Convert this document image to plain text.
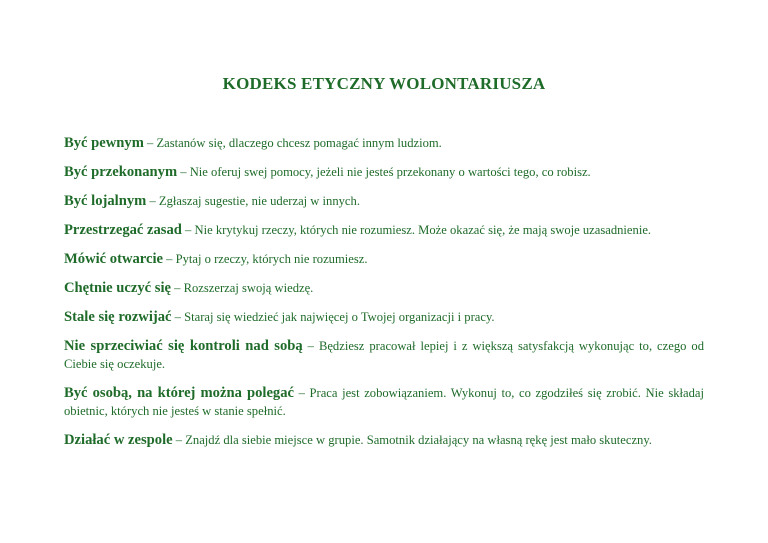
KODEKS ETYCZNY WOLONTARIUSZA

Być pewnym – Zastanów się, dlaczego chcesz pomagać innym ludziom.

Być przekonanym – Nie oferuj swej pomocy, jeżeli nie jesteś przekonany o wartości tego, co robisz.

Być lojalnym – Zgłaszaj sugestie, nie uderzaj w innych.

Przestrzegać zasad – Nie krytykuj rzeczy, których nie rozumiesz. Może okazać się, że mają swoje uzasadnienie.

Mówić otwarcie – Pytaj o rzeczy, których nie rozumiesz.

Chętnie uczyć się – Rozszerzaj swoją wiedzę.

Stale się rozwijać – Staraj się wiedzieć jak najwięcej o Twojej organizacji i pracy.

Nie sprzeciwiać się kontroli nad sobą – Będziesz pracował lepiej i z większą satysfakcją wykonując to, czego od Ciebie się oczekuje.

Być osobą, na której można polegać – Praca jest zobowiązaniem. Wykonuj to, co zgodziłeś się zrobić. Nie składaj obietnic, których nie jesteś w stanie spełnić.

Działać w zespole – Znajdź dla siebie miejsce w grupie. Samotnik działający na własną rękę jest mało skuteczny.
